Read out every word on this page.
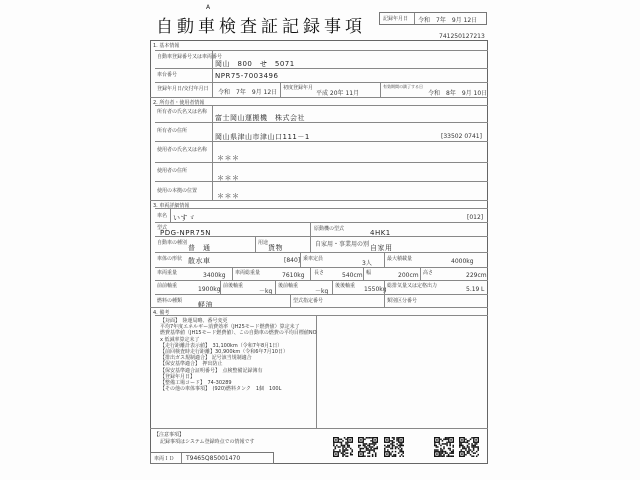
A
自動車検査証記録事項	記録年月日 令和　7年　9月 12日
741250127213
1. 基本情報
自動車登録番号又は車両番号
岡山　800　せ　5071
車台番号	NPR75-7003496
登録年月日/交付年月日 令和　7年　9月 12日
初度登録年月
平成 20年 11月
有効期間の満了する日
令和　8年　9月 10日
2. 所有者・使用者情報
所有者の氏名又は名称
富士岡山運搬機　株式会社
所有者の住所
岡山県津山市津山口111－1	[33502 0741]
使用者の氏名又は名称
＊＊＊
使用者の住所
＊＊＊
使用の本拠の位置
＊＊＊
3. 車両詳細情報
車名 いすゞ	[012]
型式
PDG-NPR75N	原動機の型式	4HK1
自動車の種別
普　通
用途
貨物	自家用・事業用の別 自家用
車体の形状 散水車	[840] 乗車定員
3人
最大積載量	4000kg
車両重量	3400kg 車両総重量	7610kg 長さ	540cm 幅	200cm 高さ	229cm
前前軸重	1900kg 前後軸重
－kg
後前軸重
－kg
後後軸重 1550kg 総排気量又は定格出力	5.19 L
燃料の種類 軽油	型式指定番号	類別区分番号
4. 備考
【対面】　陸運局略、番号変更
平均7年度エネルギー消費効率（JH25モード燃費値）算定未了
燃費基準値（JH15モード燃費値）、この自動車の燃費の平均目標値NO
x 低減率算定未了
【走行距離計表示値】　31,100km（令和7年8月1日）
【前回検査時走行距離】30,900km（令和6年7月10日）
【排出ガス規制適合】 記号該当規制適合
【保安基準適合】　押出防止
【保安基準適合証明番号】　点検整備記録簿有
【登録年月日】
【整備工場コード】　74-30289
【その他の車体事項】　(920)燃料タンク　1個　100L
【注意事項】
記録事項はシステム登録時点での情報です
車両ＩＤ T9465Q85001470
